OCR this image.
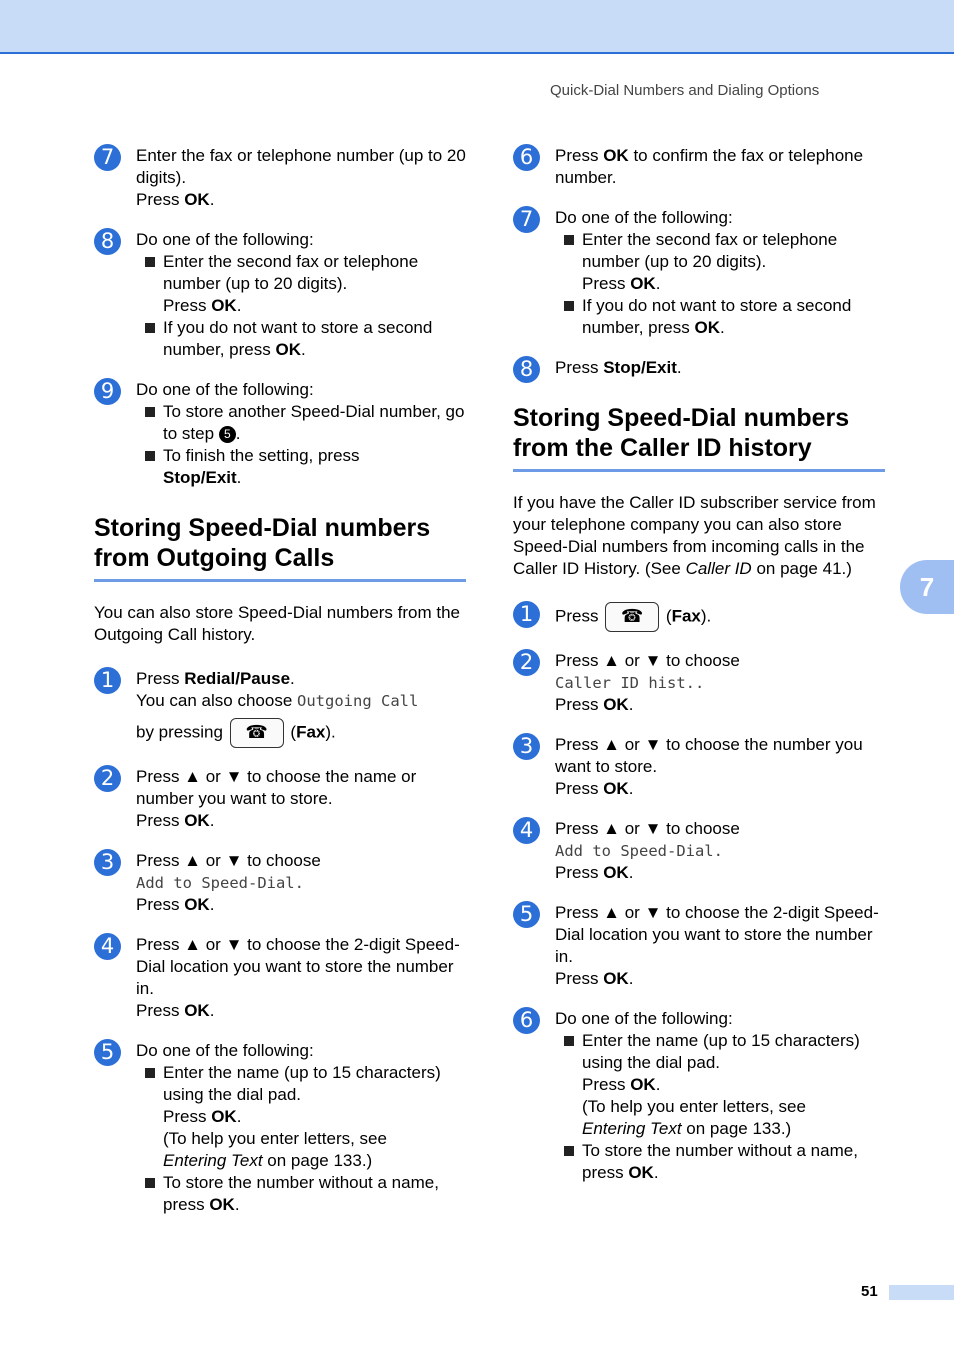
Quick-Dial Numbers and Dialing Options
7	Enter the fax or telephone number (up to 20 digits).
Press OK.
8	Do one of the following:
Enter the second fax or telephone number (up to 20 digits).
Press OK.
If you do not want to store a second number, press OK.
9	Do one of the following:
To store another Speed-Dial number, go to step 5 .
To finish the setting, press
Stop/Exit.
Storing Speed-Dial numbers from Outgoing Calls
You can also store Speed-Dial numbers from the Outgoing Call history.
1	Press Redial/Pause.
You can also choose Outgoing Call
by pressing ☎ (Fax).
2	Press ▲ or ▼ to choose the name or number you want to store.
Press OK.
3	Press ▲ or ▼ to choose
Add to Speed-Dial.
Press OK.
4	Press ▲ or ▼ to choose the 2-digit Speed-Dial location you want to store the number in.
Press OK.
5	Do one of the following:
Enter the name (up to 15 characters) using the dial pad.
Press OK.
(To help you enter letters, see
Entering Text on page 133.)
To store the number without a name, press OK.
6	Press OK to confirm the fax or telephone number.
7	Do one of the following:
Enter the second fax or telephone number (up to 20 digits).
Press OK.
If you do not want to store a second number, press OK.
8	Press Stop/Exit.
Storing Speed-Dial numbers from the Caller ID history
If you have the Caller ID subscriber service from your telephone company you can also store Speed-Dial numbers from incoming calls in the Caller ID History. (See Caller ID on page 41.)
1	Press ☎ (Fax).
2	Press ▲ or ▼ to choose
Caller ID hist..
Press OK.
3	Press ▲ or ▼ to choose the number you want to store.
Press OK.
4	Press ▲ or ▼ to choose
Add to Speed-Dial.
Press OK.
5	Press ▲ or ▼ to choose the 2-digit Speed-Dial location you want to store the number in.
Press OK.
6	Do one of the following:
Enter the name (up to 15 characters) using the dial pad.
Press OK.
(To help you enter letters, see
Entering Text on page 133.)
To store the number without a name, press OK.
7
51
